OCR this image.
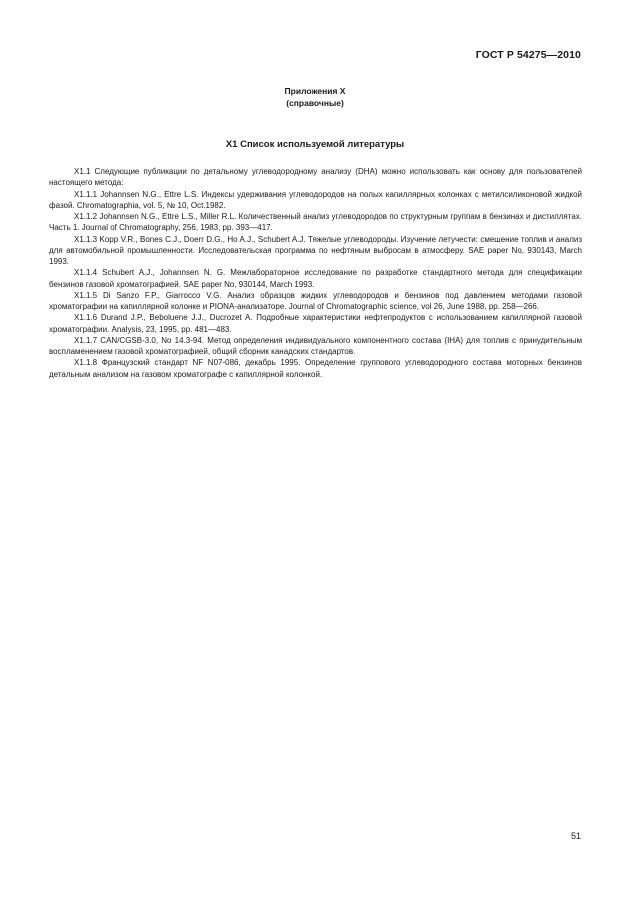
ГОСТ Р 54275—2010
Приложения X
(справочные)
X1 Список используемой литературы

X1.1 Следующие публикации по детальному углеводородному анализу (DHA) можно использовать как основу для пользователей настоящего метода:

X1.1.1 Johannsen N.G., Ettre L.S. Индексы удерживания углеводородов на полых капиллярных колонках с метилсиликоновой жидкой фазой. Chromatographia, vol. 5, № 10, Oct.1982.

X1.1.2 Johannsen N.G., Ettre L.S., Miller R.L. Количественный анализ углеводородов по структурным группам в бензинах и дистиллятах. Часть 1. Journal of Chromatography, 256, 1983, pp. 393—417.

X1.1.3 Kopp V.R., Bones C.J., Doerr D.G., Ho A.J., Schubert A.J. Тяжелые углеводороды. Изучение летучести: смешение топлив и анализ для автомобильной промышленности. Исследовательская программа по нефтяным выбросам в атмосферу. SAE paper No, 930143, March 1993.

X1.1.4 Schubert A.J., Johannsen N. G. Межлабораторное исследование по разработке стандартного метода для спецификации бензинов газовой хроматографией. SAE paper No, 930144, March 1993.

X1.1.5 Di Sanzo F.P., Giarrocco V.G. Анализ образцов жидких углеводородов и бензинов под давлением методами газовой хроматографии на капиллярной колонке и PIONA-анализаторе. Journal of Chromatographic science, vol 26, June 1988, pp. 258—266.

X1.1.6 Durand J.P., Beboluene J.J., Ducrozet A. Подробные характеристики нефтепродуктов с использованием капиллярной газовой хроматографии. Analysis, 23, 1995, pp. 481—483.

X1.1.7 CAN/CGSB-3.0, No 14.3-94. Метод определения индивидуального компонентного состава (IHA) для топлив с принудительным воспламенением газовой хроматографией, общий сборник канадских стандартов.

X1.1.8 Французский стандарт NF N07-086, декабрь 1995. Определение группового углеводородного состава моторных бензинов детальным анализом на газовом хроматографе с капиллярной колонкой.

51
